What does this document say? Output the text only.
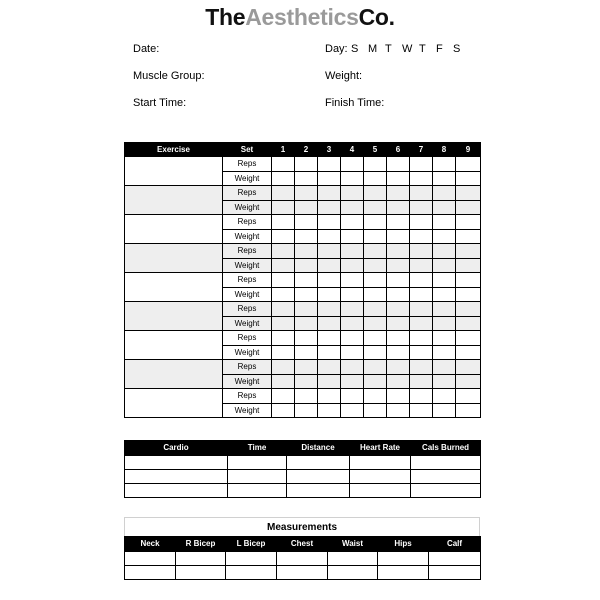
TheAestheticsCo.
Date:	Day: S M T W T F S
Muscle Group:	Weight:
Start Time:	Finish Time:
Exercise	Set	1	2	3	4	5	6	7	8	9
	Reps									
	Weight									
	Reps									
	Weight									
	Reps									
	Weight									
	Reps									
	Weight									
	Reps									
	Weight									
	Reps									
	Weight									
	Reps									
	Weight									
	Reps									
	Weight									
	Reps									
	Weight									
Cardio	Time	Distance	Heart Rate	Cals Burned

Measurements
Neck	R Bicep	L Bicep	Chest	Waist	Hips	Calf
